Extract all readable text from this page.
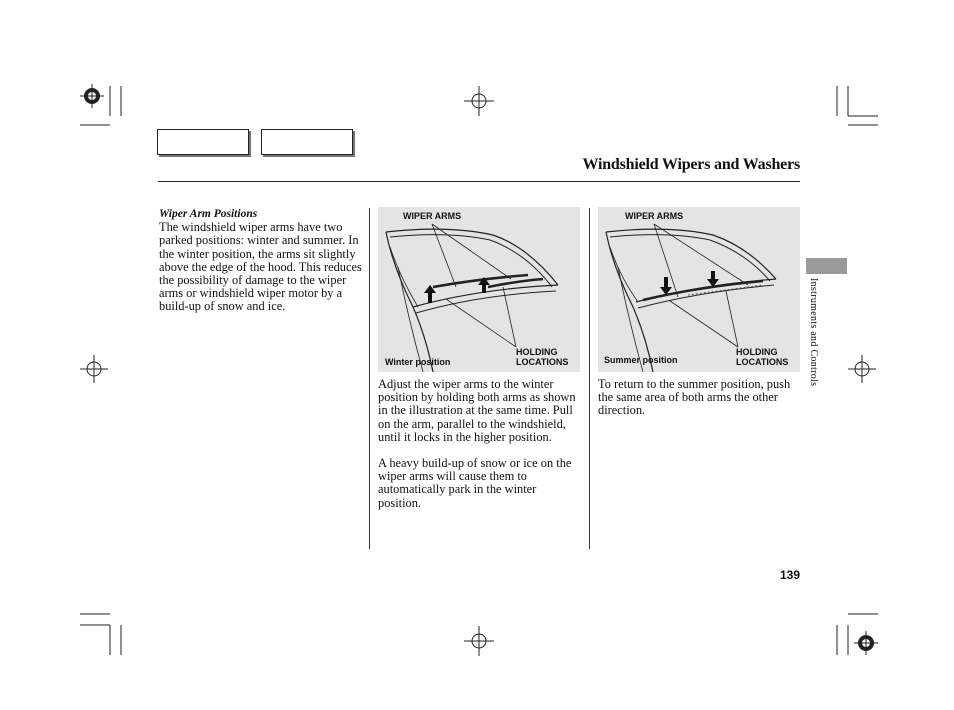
Windshield Wipers and Washers
Wiper Arm Positions
The windshield wiper arms have two parked positions: winter and summer. In the winter position, the arms sit slightly above the edge of the hood. This reduces the possibility of damage to the wiper arms or windshield wiper motor by a build-up of snow and ice.
WIPER ARMS
HOLDING
LOCATIONS
Winter position
WIPER ARMS
HOLDING
LOCATIONS
Summer position
Adjust the wiper arms to the winter position by holding both arms as shown in the illustration at the same time. Pull on the arm, parallel to the windshield, until it locks in the higher position.
A heavy build-up of snow or ice on the wiper arms will cause them to automatically park in the winter position.
To return to the summer position, push the same area of both arms the other direction.
Instruments and Controls
139
